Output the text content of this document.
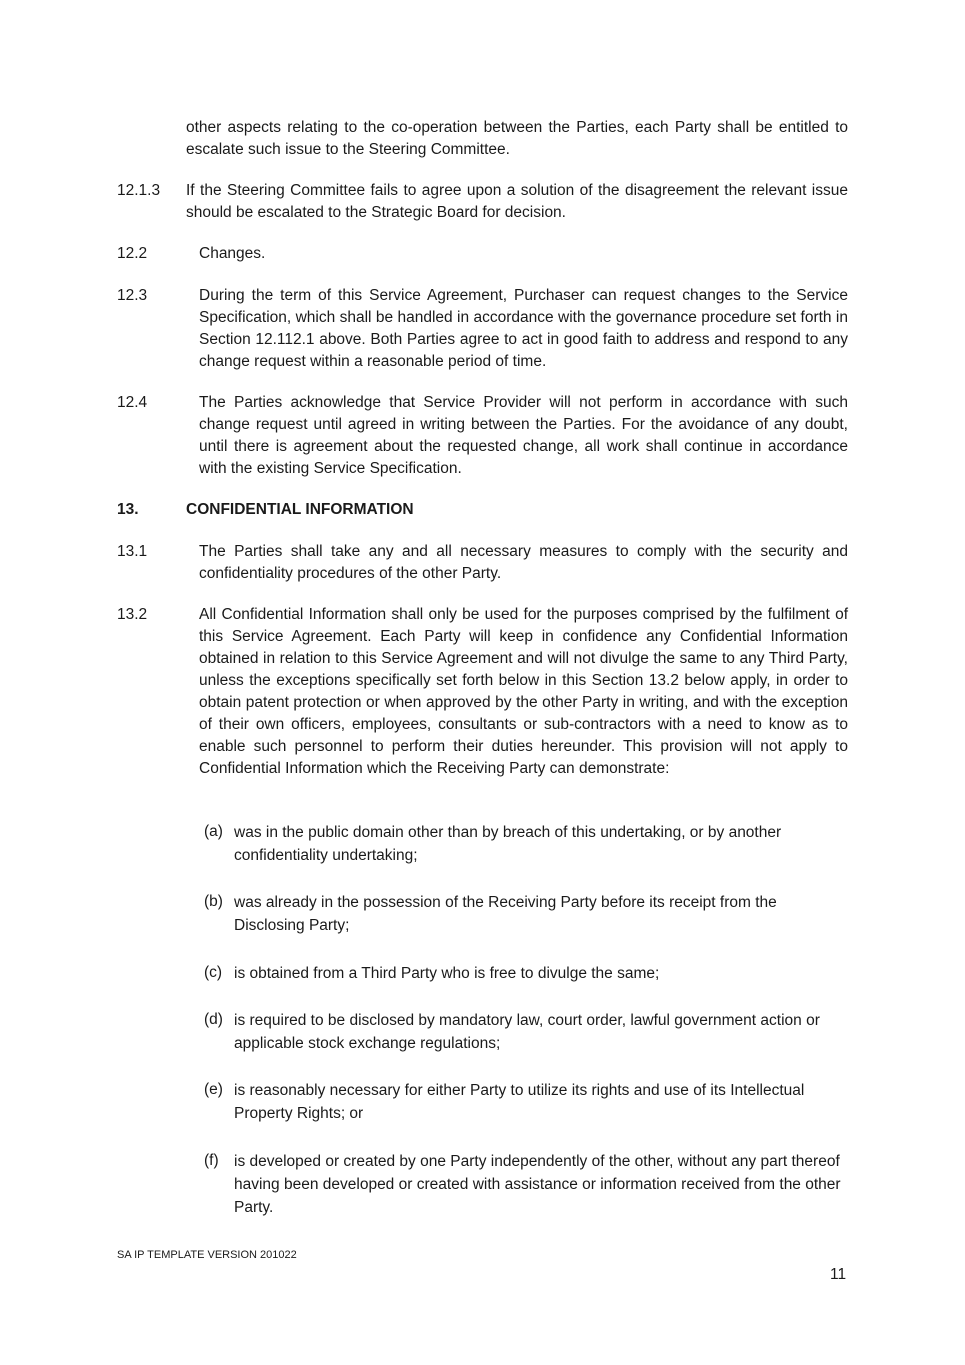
other aspects relating to the co-operation between the Parties, each Party shall be entitled to escalate such issue to the Steering Committee.

12.1.3 If the Steering Committee fails to agree upon a solution of the disagreement the relevant issue should be escalated to the Strategic Board for decision.

12.2	Changes.

12.3	During the term of this Service Agreement, Purchaser can request changes to the Service Specification, which shall be handled in accordance with the governance procedure set forth in Section 12.112.1 above. Both Parties agree to act in good faith to address and respond to any change request within a reasonable period of time.

12.4	The Parties acknowledge that Service Provider will not perform in accordance with such change request until agreed in writing between the Parties. For the avoidance of any doubt, until there is agreement about the requested change, all work shall continue in accordance with the existing Service Specification.

13.	CONFIDENTIAL INFORMATION
13.1	The Parties shall take any and all necessary measures to comply with the security and confidentiality procedures of the other Party.

13.2	All Confidential Information shall only be used for the purposes comprised by the fulfilment of this Service Agreement. Each Party will keep in confidence any Confidential Information obtained in relation to this Service Agreement and will not divulge the same to any Third Party, unless the exceptions specifically set forth below in this Section 13.2 below apply, in order to obtain patent protection or when approved by the other Party in writing, and with the exception of their own officers, employees, consultants or sub-contractors with a need to know as to enable such personnel to perform their duties hereunder. This provision will not apply to Confidential Information which the Receiving Party can demonstrate:

(a) was in the public domain other than by breach of this undertaking, or by another confidentiality undertaking;

(b) was already in the possession of the Receiving Party before its receipt from the Disclosing Party;

(c) is obtained from a Third Party who is free to divulge the same;

(d) is required to be disclosed by mandatory law, court order, lawful government action or applicable stock exchange regulations;

(e) is reasonably necessary for either Party to utilize its rights and use of its Intellectual Property Rights; or

(f) is developed or created by one Party independently of the other, without any part thereof having been developed or created with assistance or information received from the other Party.

SA IP TEMPLATE VERSION 201022
11
